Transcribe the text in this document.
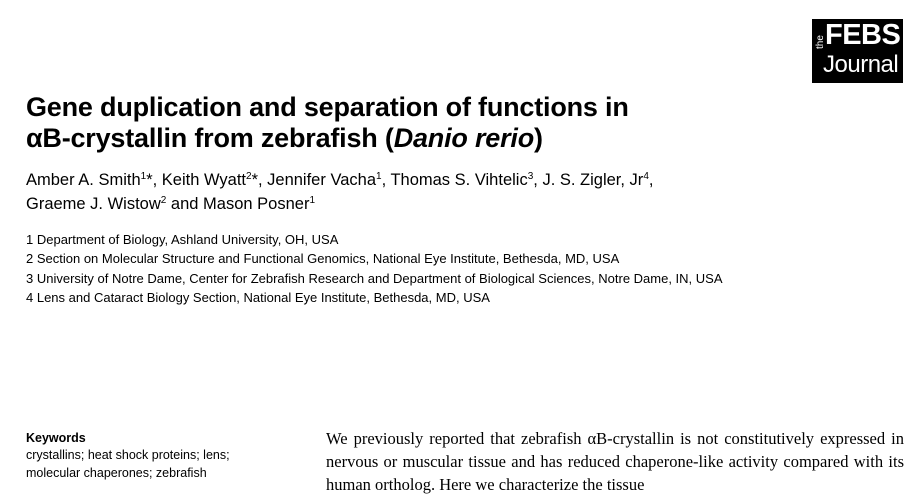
the FEBS
Journal
Gene duplication and separation of functions in
αB-crystallin from zebrafish (Danio rerio)

Amber A. Smith$^1$*, Keith Wyatt$^2$*, Jennifer Vacha$^1$, Thomas S. Vihtelic$^3$, J. S. Zigler, Jr$^4$,
Graeme J. Wistow$^2$ and Mason Posner$^1$

1 Department of Biology, Ashland University, OH, USA
2 Section on Molecular Structure and Functional Genomics, National Eye Institute, Bethesda, MD, USA
3 University of Notre Dame, Center for Zebrafish Research and Department of Biological Sciences, Notre Dame, IN, USA
4 Lens and Cataract Biology Section, National Eye Institute, Bethesda, MD, USA
Keywords
crystallins; heat shock proteins; lens;
molecular chaperones; zebrafish

We previously reported that zebrafish αB-crystallin is not constitutively expressed in nervous or muscular tissue and has reduced chaperone-like activity compared with its human ortholog. Here we characterize the tissue
